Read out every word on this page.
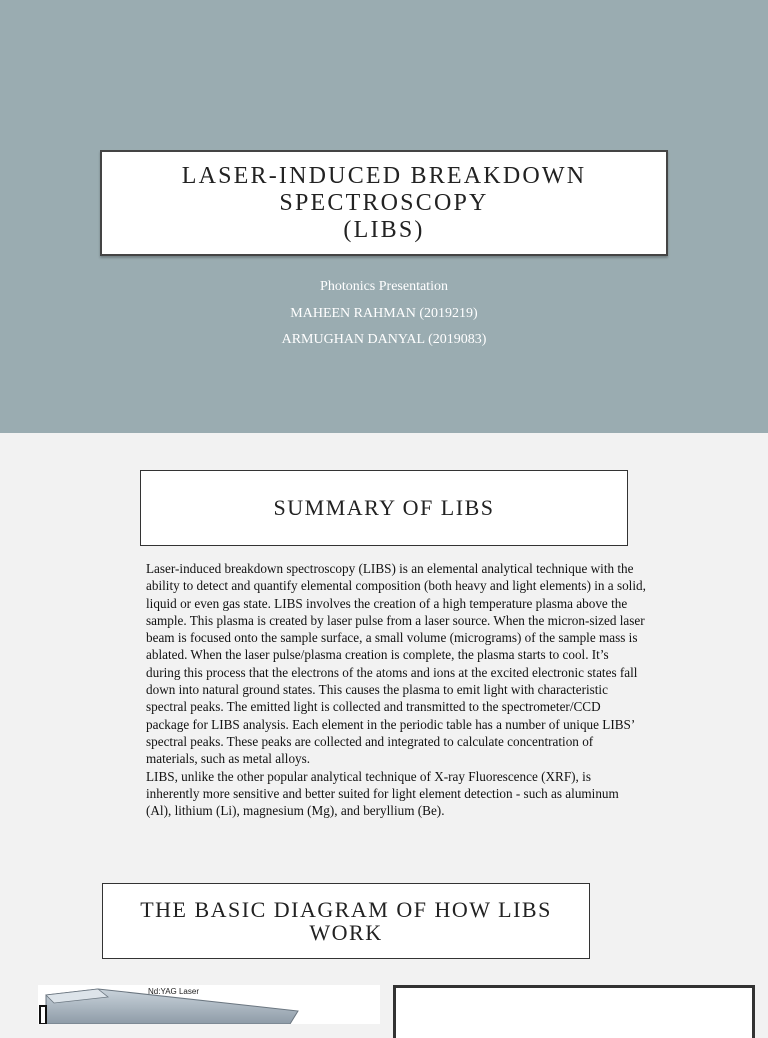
LASER-INDUCED BREAKDOWN
SPECTROSCOPY
(LIBS)
Photonics Presentation
MAHEEN RAHMAN (2019219)
ARMUGHAN DANYAL (2019083)
SUMMARY OF LIBS

Laser-induced breakdown spectroscopy (LIBS) is an elemental analytical technique with the ability to detect and quantify elemental composition (both heavy and light elements) in a solid, liquid or even gas state. LIBS involves the creation of a high temperature plasma above the sample. This plasma is created by laser pulse from a laser source. When the micron-sized laser beam is focused onto the sample surface, a small volume (micrograms) of the sample mass is ablated. When the laser pulse/plasma creation is complete, the plasma starts to cool. It’s during this process that the electrons of the atoms and ions at the excited electronic states fall down into natural ground states. This causes the plasma to emit light with characteristic spectral peaks. The emitted light is collected and transmitted to the spectrometer/CCD package for LIBS analysis. Each element in the periodic table has a number of unique LIBS’ spectral peaks. These peaks are collected and integrated to calculate concentration of materials, such as metal alloys.

LIBS, unlike the other popular analytical technique of X-ray Fluorescence (XRF), is inherently more sensitive and better suited for light element detection - such as aluminum (Al), lithium (Li), magnesium (Mg), and beryllium (Be).

THE BASIC DIAGRAM OF HOW LIBS
WORK
Nd:YAG Laser
